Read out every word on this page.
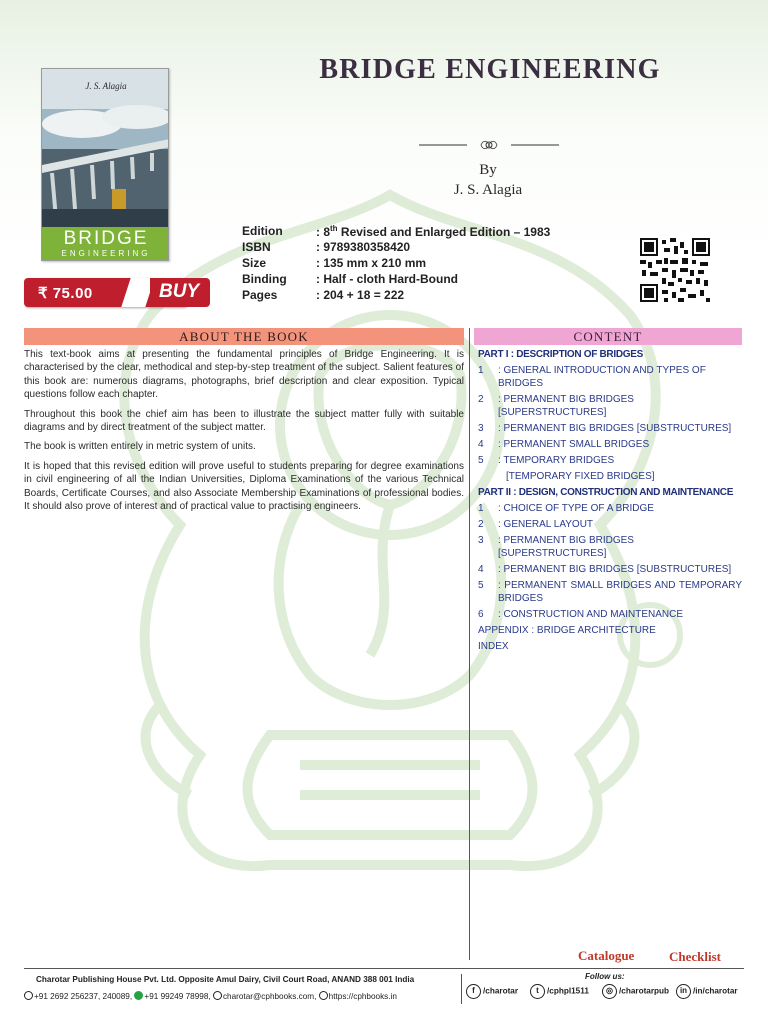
J. S. Alagia
BRIDGE
ENGINEERING
₹ 75.00	BUY
BRIDGE ENGINEERING
By
J. S. Alagia
Edition	: 8th Revised and Enlarged Edition – 1983
ISBN	: 9789380358420
Size	: 135 mm x 210 mm
Binding : Half - cloth Hard-Bound
Pages	: 204 + 18 = 222
ABOUT THE BOOK	CONTENT

This text-book aims at presenting the fundamental principles of Bridge Engineering. It is characterised by the clear, methodical and step-by-step treatment of the subject. Salient features of this book are: numerous diagrams, photographs, brief description and clear exposition. Typical questions follow each chapter.

Throughout this book the chief aim has been to illustrate the subject matter fully with suitable diagrams and by direct treatment of the subject matter.

The book is written entirely in metric system of units.

It is hoped that this revised edition will prove useful to students preparing for degree examinations in civil engineering of all the Indian Universities, Diploma Examinations of the various Technical Boards, Certificate Courses, and also Associate Membership Examinations of professional bodies. It should also prove of interest and of practical value to practising engineers.

PART I : DESCRIPTION OF BRIDGES
1 : GENERAL INTRODUCTION AND TYPES OF BRIDGES
2 : PERMANENT BIG BRIDGES [SUPERSTRUCTURES]
3 : PERMANENT BIG BRIDGES [SUBSTRUCTURES]
4 : PERMANENT SMALL BRIDGES
5 : TEMPORARY BRIDGES
[TEMPORARY FIXED BRIDGES]
PART II : DESIGN, CONSTRUCTION AND MAINTENANCE
1 : CHOICE OF TYPE OF A BRIDGE
2 : GENERAL LAYOUT
3 : PERMANENT BIG BRIDGES [SUPERSTRUCTURES]
4 : PERMANENT BIG BRIDGES [SUBSTRUCTURES]
5 : PERMANENT SMALL BRIDGES AND TEMPORARY BRIDGES
6 : CONSTRUCTION AND MAINTENANCE
APPENDIX : BRIDGE ARCHITECTURE
INDEX
Catalogue	Checklist
Charotar Publishing House Pvt. Ltd. Opposite Amul Dairy, Civil Court Road, ANAND 388 001 India
+91 2692 256237, 240089, +91 99249 78998, charotar@cphbooks.com, https://cphbooks.in
Follow us:
f /charotar	t /cphpl1511	◎ /charotarpub	in /in/charotar
